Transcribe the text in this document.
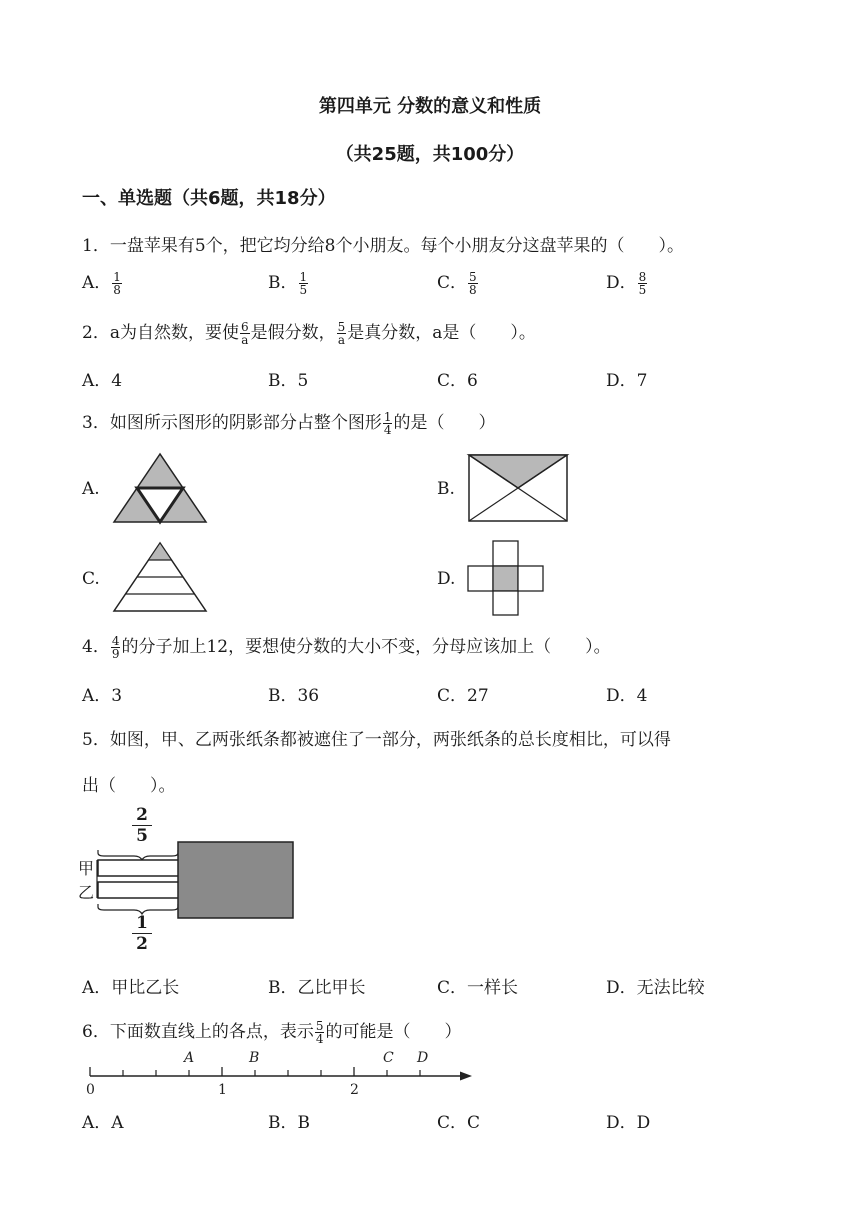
第四单元 分数的意义和性质
（共25题，共100分）
一、单选题（共6题，共18分）
1．一盘苹果有5个，把它均分给8个小朋友。每个小朋友分这盘苹果的（　　）。
A． $\frac{1}{8}$	B． $\frac{1}{5}$	C． $\frac{5}{8}$	D． $\frac{8}{5}$
2．a为自然数，要使 $\frac{6}{a}$ 是假分数， $\frac{5}{a}$ 是真分数，a是（　　）。
A．4	B．5	C．6	D．7
3．如图所示图形的阴影部分占整个图形 $\frac{1}{4}$ 的是（　　）
A.	B.
C.	D.
4． $\frac{4}{9}$ 的分子加上12，要想使分数的大小不变，分母应该加上（　　）。
A．3	B．36	C．27	D．4
5．如图，甲、乙两张纸条都被遮住了一部分，两张纸条的总长度相比，可以得
出（　　）。
2
5
1
2
甲
乙
A．甲比乙长	B．乙比甲长	C．一样长	D．无法比较
6．下面数直线上的各点，表示 $\frac{5}{4}$ 的可能是（　　）
0	1	2
A	B	C D
A．A	B．B	C．C	D．D
